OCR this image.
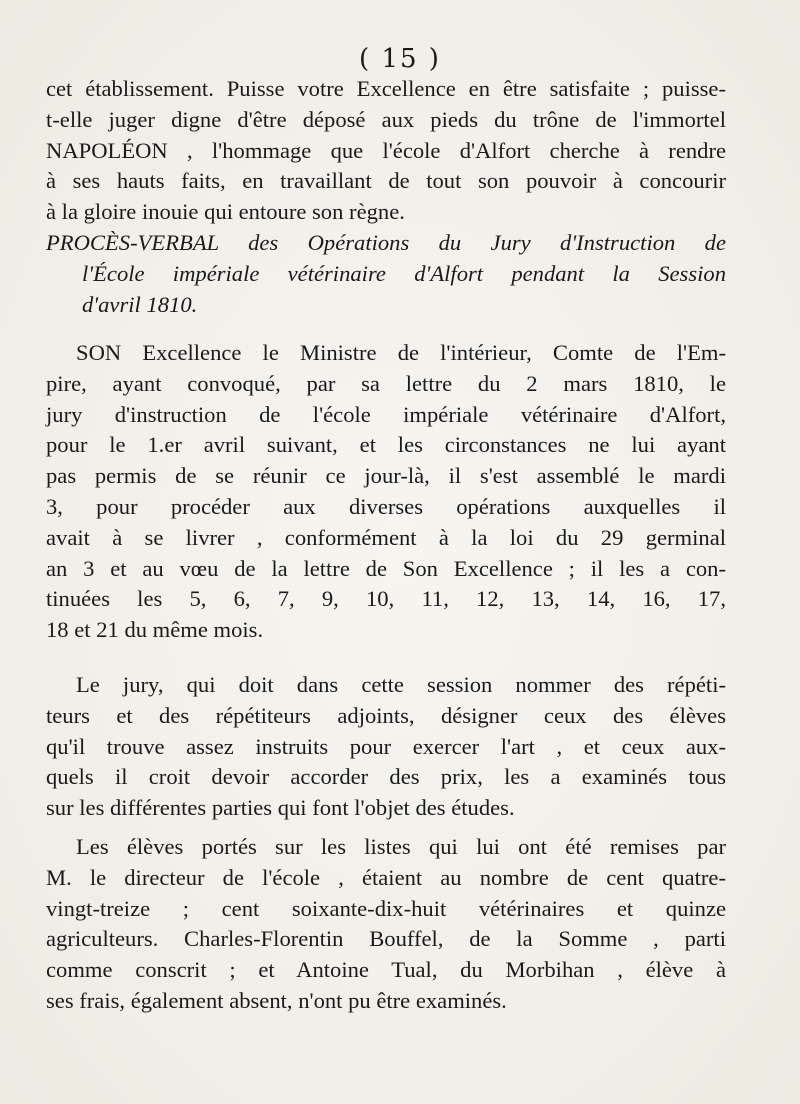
( 15 )
cet établissement. Puisse votre Excellence en être satisfaite ; puisse-
t-elle juger digne d'être déposé aux pieds du trône de l'immortel
NAPOLÉON , l'hommage que l'école d'Alfort cherche à rendre
à ses hauts faits, en travaillant de tout son pouvoir à concourir
à la gloire inouie qui entoure son règne.
PROCÈS-VERBAL des Opérations du Jury d'Instruction de
l'École impériale vétérinaire d'Alfort pendant la Session
d'avril 1810.
SON Excellence le Ministre de l'intérieur, Comte de l'Em-
pire, ayant convoqué, par sa lettre du 2 mars 1810, le
jury d'instruction de l'école impériale vétérinaire d'Alfort,
pour le 1.er avril suivant, et les circonstances ne lui ayant
pas permis de se réunir ce jour-là, il s'est assemblé le mardi
3, pour procéder aux diverses opérations auxquelles il
avait à se livrer , conformément à la loi du 29 germinal
an 3 et au vœu de la lettre de Son Excellence ; il les a con-
tinuées les 5, 6, 7, 9, 10, 11, 12, 13, 14, 16, 17,
18 et 21 du même mois.
Le jury, qui doit dans cette session nommer des répéti-
teurs et des répétiteurs adjoints, désigner ceux des élèves
qu'il trouve assez instruits pour exercer l'art , et ceux aux-
quels il croit devoir accorder des prix, les a examinés tous
sur les différentes parties qui font l'objet des études.
Les élèves portés sur les listes qui lui ont été remises par
M. le directeur de l'école , étaient au nombre de cent quatre-
vingt-treize ; cent soixante-dix-huit vétérinaires et quinze
agriculteurs. Charles-Florentin Bouffel, de la Somme , parti
comme conscrit ; et Antoine Tual, du Morbihan , élève à
ses frais, également absent, n'ont pu être examinés.
